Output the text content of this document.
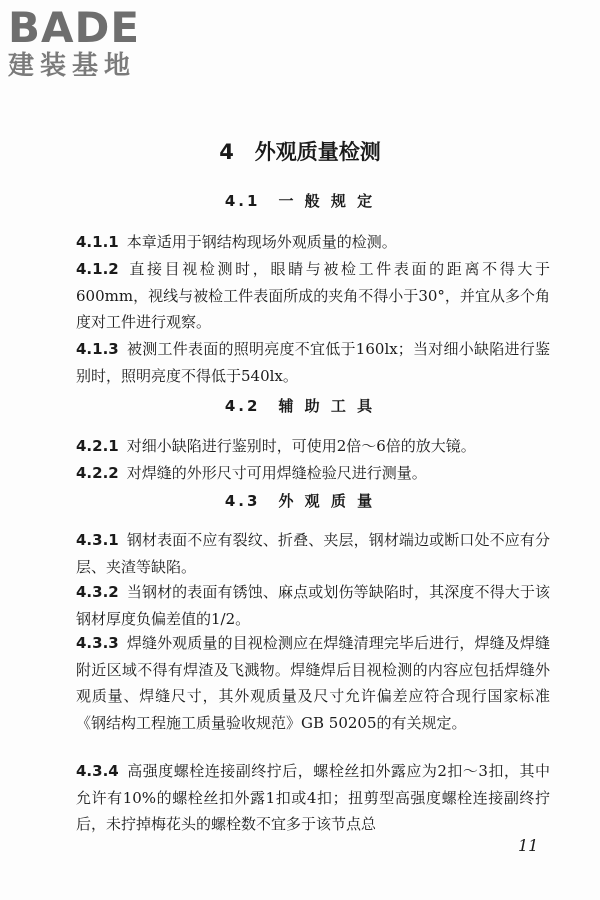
BADE
建装基地
4　外观质量检测
4.1　一 般 规 定
4.1.1 本章适用于钢结构现场外观质量的检测。
4.1.2 直接目视检测时，眼睛与被检工件表面的距离不得大于600mm，视线与被检工件表面所成的夹角不得小于30°，并宜从多个角度对工件进行观察。
4.1.3 被测工件表面的照明亮度不宜低于160lx；当对细小缺陷进行鉴别时，照明亮度不得低于540lx。
4.2　辅 助 工 具
4.2.1 对细小缺陷进行鉴别时，可使用2倍～6倍的放大镜。
4.2.2 对焊缝的外形尺寸可用焊缝检验尺进行测量。
4.3　外 观 质 量
4.3.1 钢材表面不应有裂纹、折叠、夹层，钢材端边或断口处不应有分层、夹渣等缺陷。
4.3.2 当钢材的表面有锈蚀、麻点或划伤等缺陷时，其深度不得大于该钢材厚度负偏差值的1/2。
4.3.3 焊缝外观质量的目视检测应在焊缝清理完毕后进行，焊缝及焊缝附近区域不得有焊渣及飞溅物。焊缝焊后目视检测的内容应包括焊缝外观质量、焊缝尺寸，其外观质量及尺寸允许偏差应符合现行国家标准《钢结构工程施工质量验收规范》GB 50205的有关规定。
4.3.4 高强度螺栓连接副终拧后，螺栓丝扣外露应为2扣～3扣，其中允许有10%的螺栓丝扣外露1扣或4扣；扭剪型高强度螺栓连接副终拧后，未拧掉梅花头的螺栓数不宜多于该节点总
11
